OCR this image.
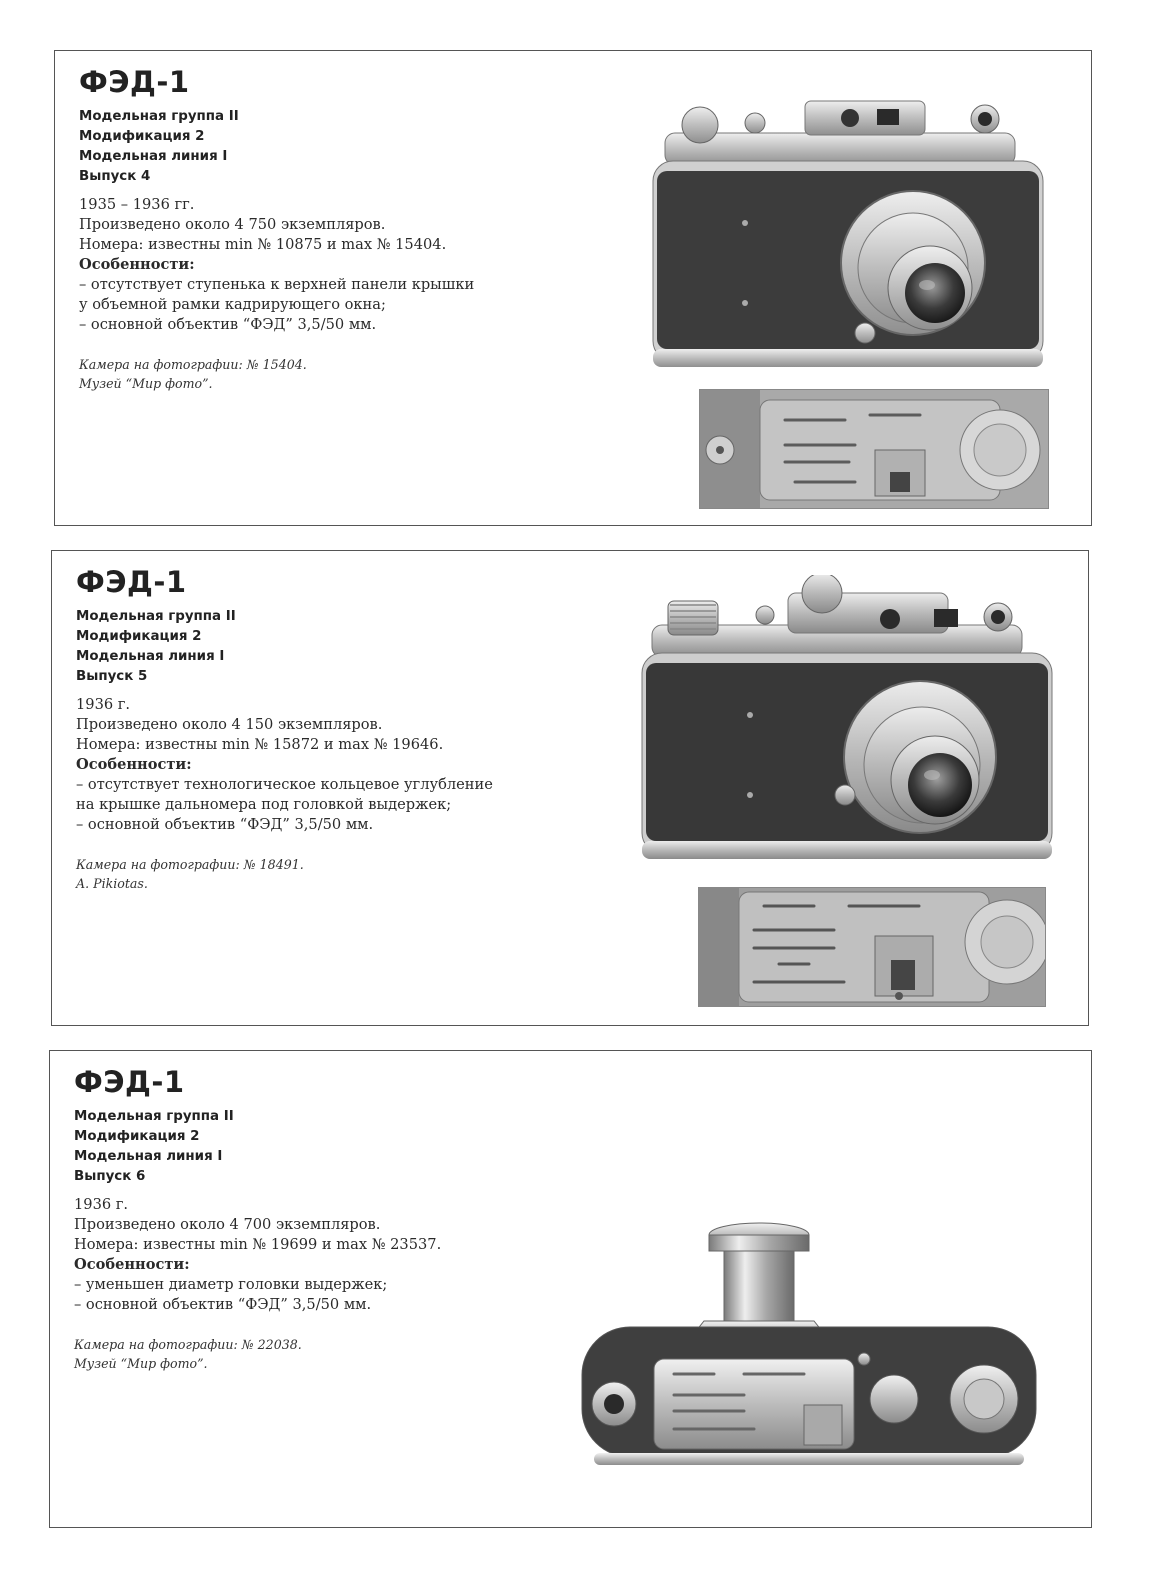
ФЭД-1
Модельная группа II
Модификация 2
Модельная линия I
Выпуск 4
1935 – 1936 гг.
Произведено около 4 750 экземпляров.
Номера: известны min № 10875 и max № 15404.
Особенности:
– отсутствует ступенька к верхней панели крышки
у объемной рамки кадрирующего окна;
– основной объектив “ФЭД” 3,5/50 мм.
Камера на фотографии: № 15404.
Музей “Мир фото”.
ФЭД-1
Модельная группа II
Модификация 2
Модельная линия I
Выпуск 5
1936 г.
Произведено около 4 150 экземпляров.
Номера: известны min № 15872 и max № 19646.
Особенности:
– отсутствует технологическое кольцевое углубление
на крышке дальномера под головкой выдержек;
– основной объектив “ФЭД” 3,5/50 мм.
Камера на фотографии: № 18491.
A. Pikiotas.
ФЭД-1
Модельная группа II
Модификация 2
Модельная линия I
Выпуск 6
1936 г.
Произведено около 4 700 экземпляров.
Номера: известны min № 19699 и max № 23537.
Особенности:
– уменьшен диаметр головки выдержек;
– основной объектив “ФЭД” 3,5/50 мм.
Камера на фотографии: № 22038.
Музей “Мир фото”.
